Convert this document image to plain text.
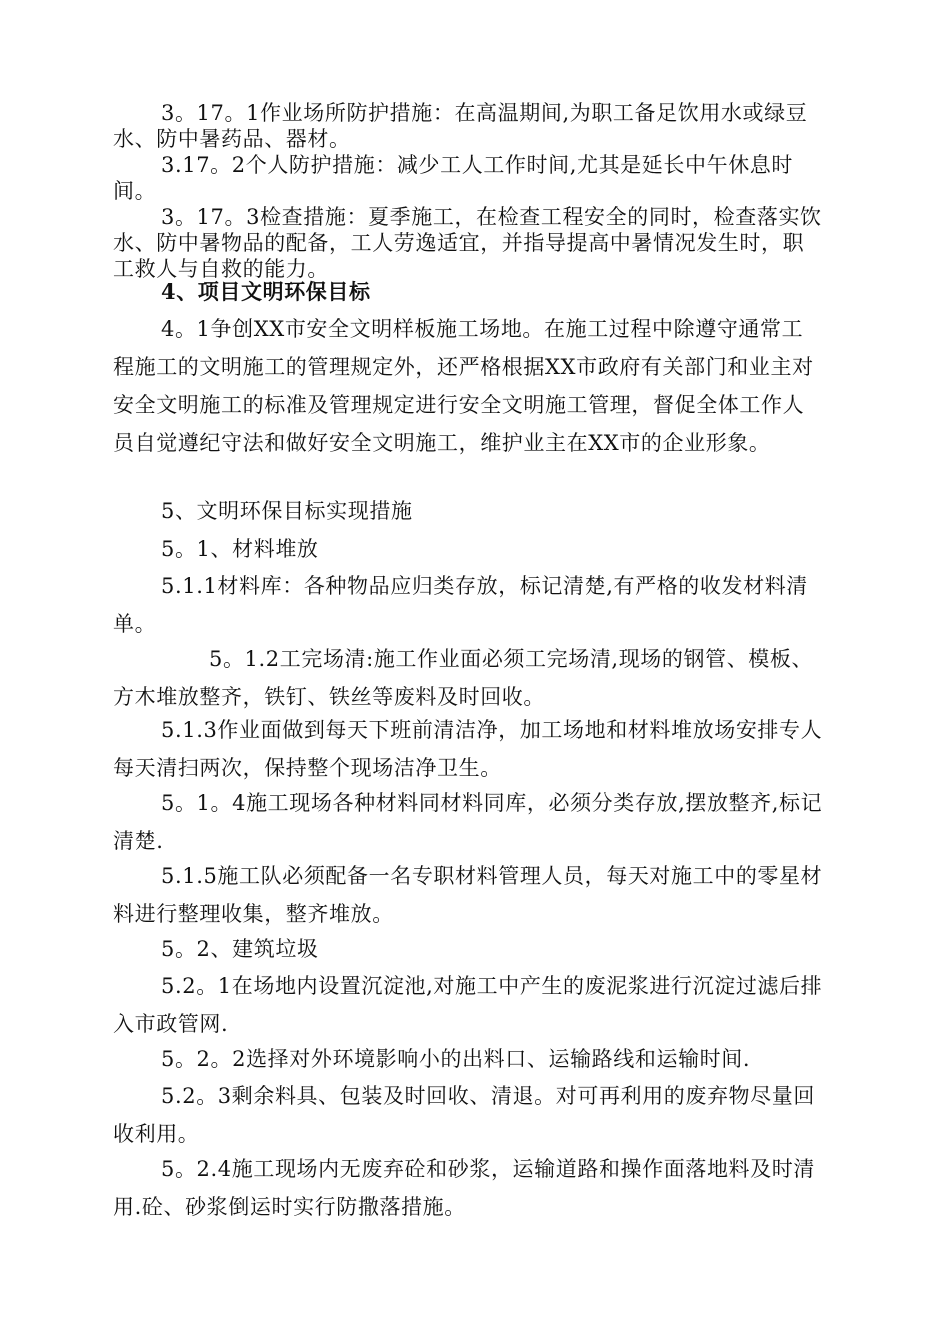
3。17。1作业场所防护措施：在高温期间,为职工备足饮用水或绿豆水、防中暑药品、器材。

3.17。2个人防护措施：减少工人工作时间,尤其是延长中午休息时间。

3。17。3检查措施：夏季施工，在检查工程安全的同时，检查落实饮水、防中暑物品的配备，工人劳逸适宜，并指导提高中暑情况发生时，职工救人与自救的能力。

4、项目文明环保目标

4。1争创XX市安全文明样板施工场地。在施工过程中除遵守通常工程施工的文明施工的管理规定外，还严格根据XX市政府有关部门和业主对安全文明施工的标准及管理规定进行安全文明施工管理，督促全体工作人员自觉遵纪守法和做好安全文明施工，维护业主在XX市的企业形象。

5、文明环保目标实现措施

5。1、材料堆放

5.1.1材料库：各种物品应归类存放，标记清楚,有严格的收发材料清单。

5。1.2工完场清:施工作业面必须工完场清,现场的钢管、模板、方木堆放整齐，铁钉、铁丝等废料及时回收。

5.1.3作业面做到每天下班前清洁净，加工场地和材料堆放场安排专人每天清扫两次，保持整个现场洁净卫生。

5。1。4施工现场各种材料同材料同库，必须分类存放,摆放整齐,标记清楚.

5.1.5施工队必须配备一名专职材料管理人员，每天对施工中的零星材料进行整理收集，整齐堆放。

5。2、建筑垃圾

5.2。1在场地内设置沉淀池,对施工中产生的废泥浆进行沉淀过滤后排入市政管网.

5。2。2选择对外环境影响小的出料口、运输路线和运输时间.

5.2。3剩余料具、包装及时回收、清退。对可再利用的废弃物尽量回收利用。

5。2.4施工现场内无废弃砼和砂浆，运输道路和操作面落地料及时清用.砼、砂浆倒运时实行防撒落措施。
